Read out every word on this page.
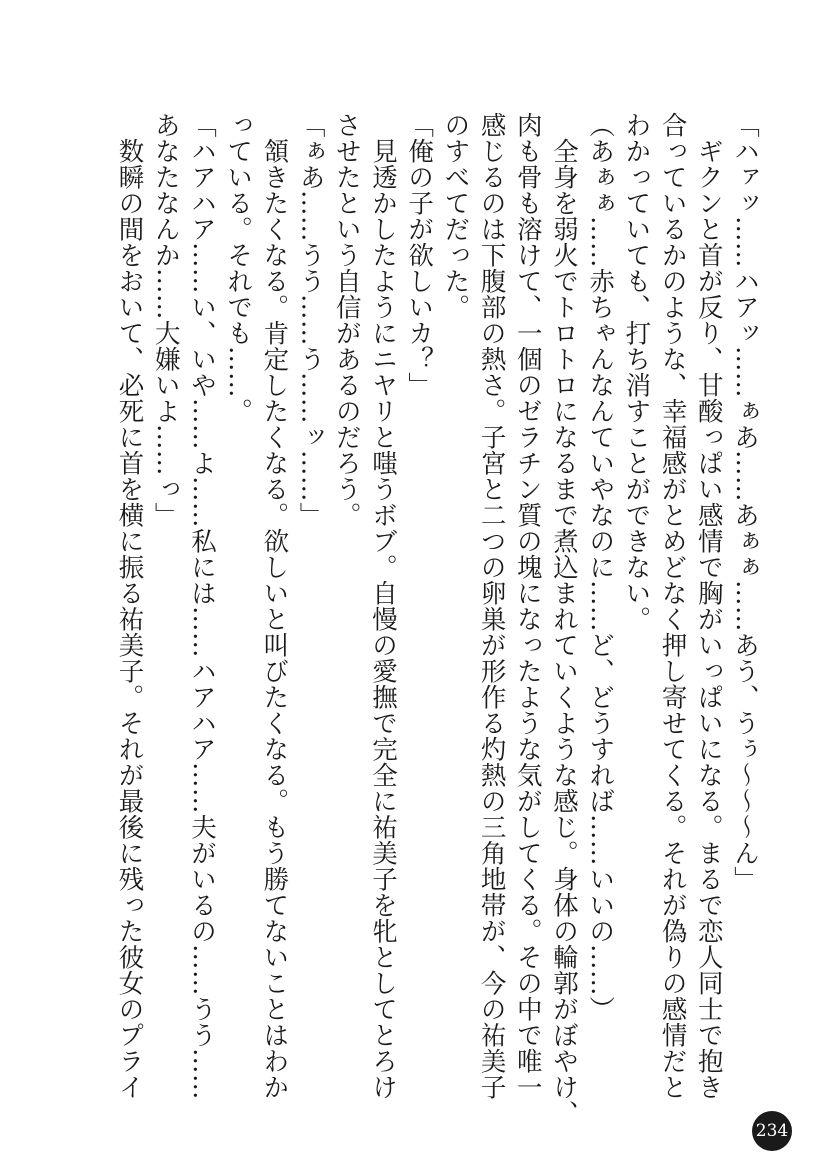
「ハァッ……ハアッ……ぁあ……あぁぁ……あう、うぅ〜〜〜ん」

　ギクンと首が反り、甘酸っぱい感情で胸がいっぱいになる。まるで恋人同士で抱き

合っているかのような、幸福感がとめどなく押し寄せてくる。それが偽りの感情だと

わかっていても、打ち消すことができない。

（あぁぁ……赤ちゃんなんていやなのに……ど、どうすれば……いいの……）

　全身を弱火でトロトロになるまで煮込まれていくような感じ。身体の輪郭がぼやけ、

肉も骨も溶けて、一個のゼラチン質の塊になったような気がしてくる。その中で唯一

感じるのは下腹部の熱さ。子宮と二つの卵巣が形作る灼熱の三角地帯が、今の祐美子

のすべてだった。

「俺の子が欲しいカ？」

　見透かしたようにニヤリと嗤うボブ。自慢の愛撫で完全に祐美子を牝としてとろけ

させたという自信があるのだろう。

「ぁあ……うう……う……ッ……」

　頷きたくなる。肯定したくなる。欲しいと叫びたくなる。もう勝てないことはわか

っている。それでも……。

「ハアハア……い、いや……よ……私には……ハアハア……夫がいるの……うう……

あなたなんか……大嫌いよ……っ」

　数瞬の間をおいて、必死に首を横に振る祐美子。それが最後に残った彼女のプライ

234
